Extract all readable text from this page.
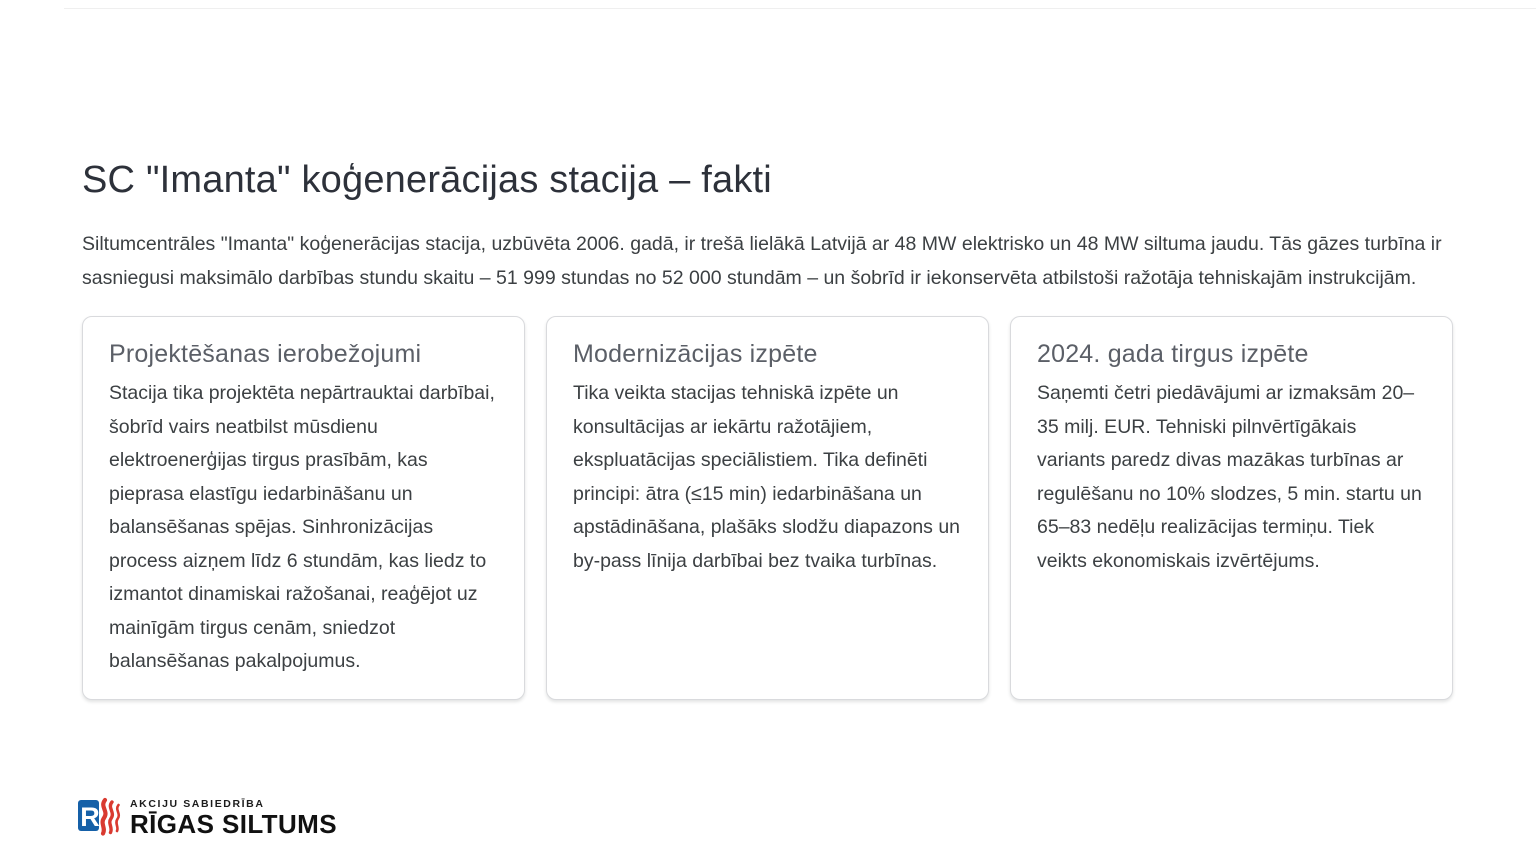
SC "Imanta" koģenerācijas stacija – fakti

Siltumcentrāles "Imanta" koģenerācijas stacija, uzbūvēta 2006. gadā, ir trešā lielākā Latvijā ar 48 MW elektrisko un 48 MW siltuma jaudu. Tās gāzes turbīna ir sasniegusi maksimālo darbības stundu skaitu – 51 999 stundas no 52 000 stundām – un šobrīd ir iekonservēta atbilstoši ražotāja tehniskajām instrukcijām.

Projektēšanas ierobežojumi
Stacija tika projektēta nepārtrauktai darbībai, šobrīd vairs neatbilst mūsdienu elektroenerģijas tirgus prasībām, kas pieprasa elastīgu iedarbināšanu un balansēšanas spējas. Sinhronizācijas process aizņem līdz 6 stundām, kas liedz to izmantot dinamiskai ražošanai, reaģējot uz mainīgām tirgus cenām, sniedzot balansēšanas pakalpojumus.
Modernizācijas izpēte
Tika veikta stacijas tehniskā izpēte un konsultācijas ar iekārtu ražotājiem, ekspluatācijas speciālistiem. Tika definēti principi: ātra (≤15 min) iedarbināšana un apstādināšana, plašāks slodžu diapazons un by-pass līnija darbībai bez tvaika turbīnas.
2024. gada tirgus izpēte
Saņemti četri piedāvājumi ar izmaksām 20–35 milj. EUR. Tehniski pilnvērtīgākais variants paredz divas mazākas turbīnas ar regulēšanu no 10% slodzes, 5 min. startu un 65–83 nedēļu realizācijas termiņu. Tiek veikts ekonomiskais izvērtējums.
R	AKCIJU SABIEDRĪBA
RĪGAS SILTUMS
